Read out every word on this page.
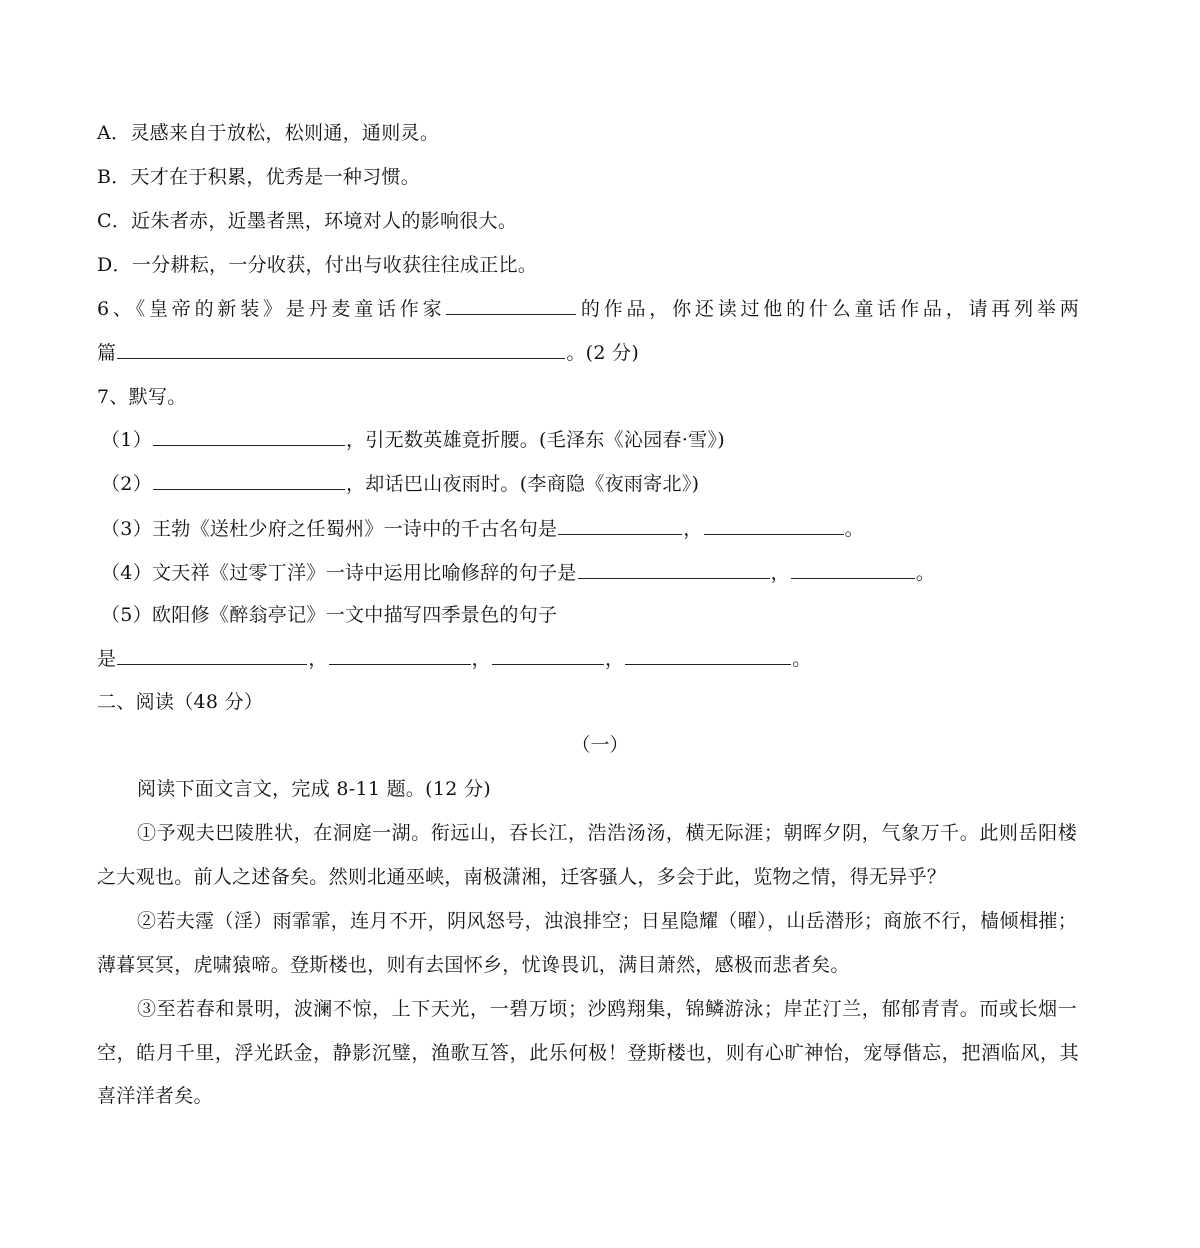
A．灵感来自于放松，松则通，通则灵。
B．天才在于积累，优秀是一种习惯。
C．近朱者赤，近墨者黑，环境对人的影响很大。
D．一分耕耘，一分收获，付出与收获往往成正比。
6、《皇帝的新装》是丹麦童话作家	的作品，你还读过他的什么童话作品，请再列举两
篇	。(2 分)
7、默写。
（1）	，引无数英雄竟折腰。(毛泽东《沁园春·雪》)
（2）	，却话巴山夜雨时。(李商隐《夜雨寄北》)
（3）王勃《送杜少府之任蜀州》一诗中的千古名句是	，	。
（4）文天祥《过零丁洋》一诗中运用比喻修辞的句子是	，	。
（5）欧阳修《醉翁亭记》一文中描写四季景色的句子
是	，	，	，	。
二、阅读（48 分）
（一）
阅读下面文言文，完成 8-11 题。(12 分)
①予观夫巴陵胜状，在洞庭一湖。衔远山，吞长江，浩浩汤汤，横无际涯；朝晖夕阴，气象万千。此则岳阳楼
之大观也。前人之述备矣。然则北通巫峡，南极潇湘，迁客骚人，多会于此，览物之情，得无异乎？
②若夫霪（淫）雨霏霏，连月不开，阴风怒号，浊浪排空；日星隐耀（曜），山岳潜形；商旅不行，樯倾楫摧；
薄暮冥冥，虎啸猿啼。登斯楼也，则有去国怀乡，忧谗畏讥，满目萧然，感极而悲者矣。
③至若春和景明，波澜不惊，上下天光，一碧万顷；沙鸥翔集，锦鳞游泳；岸芷汀兰，郁郁青青。而或长烟一
空，皓月千里，浮光跃金，静影沉璧，渔歌互答，此乐何极！登斯楼也，则有心旷神怡，宠辱偕忘，把酒临风，其
喜洋洋者矣。
